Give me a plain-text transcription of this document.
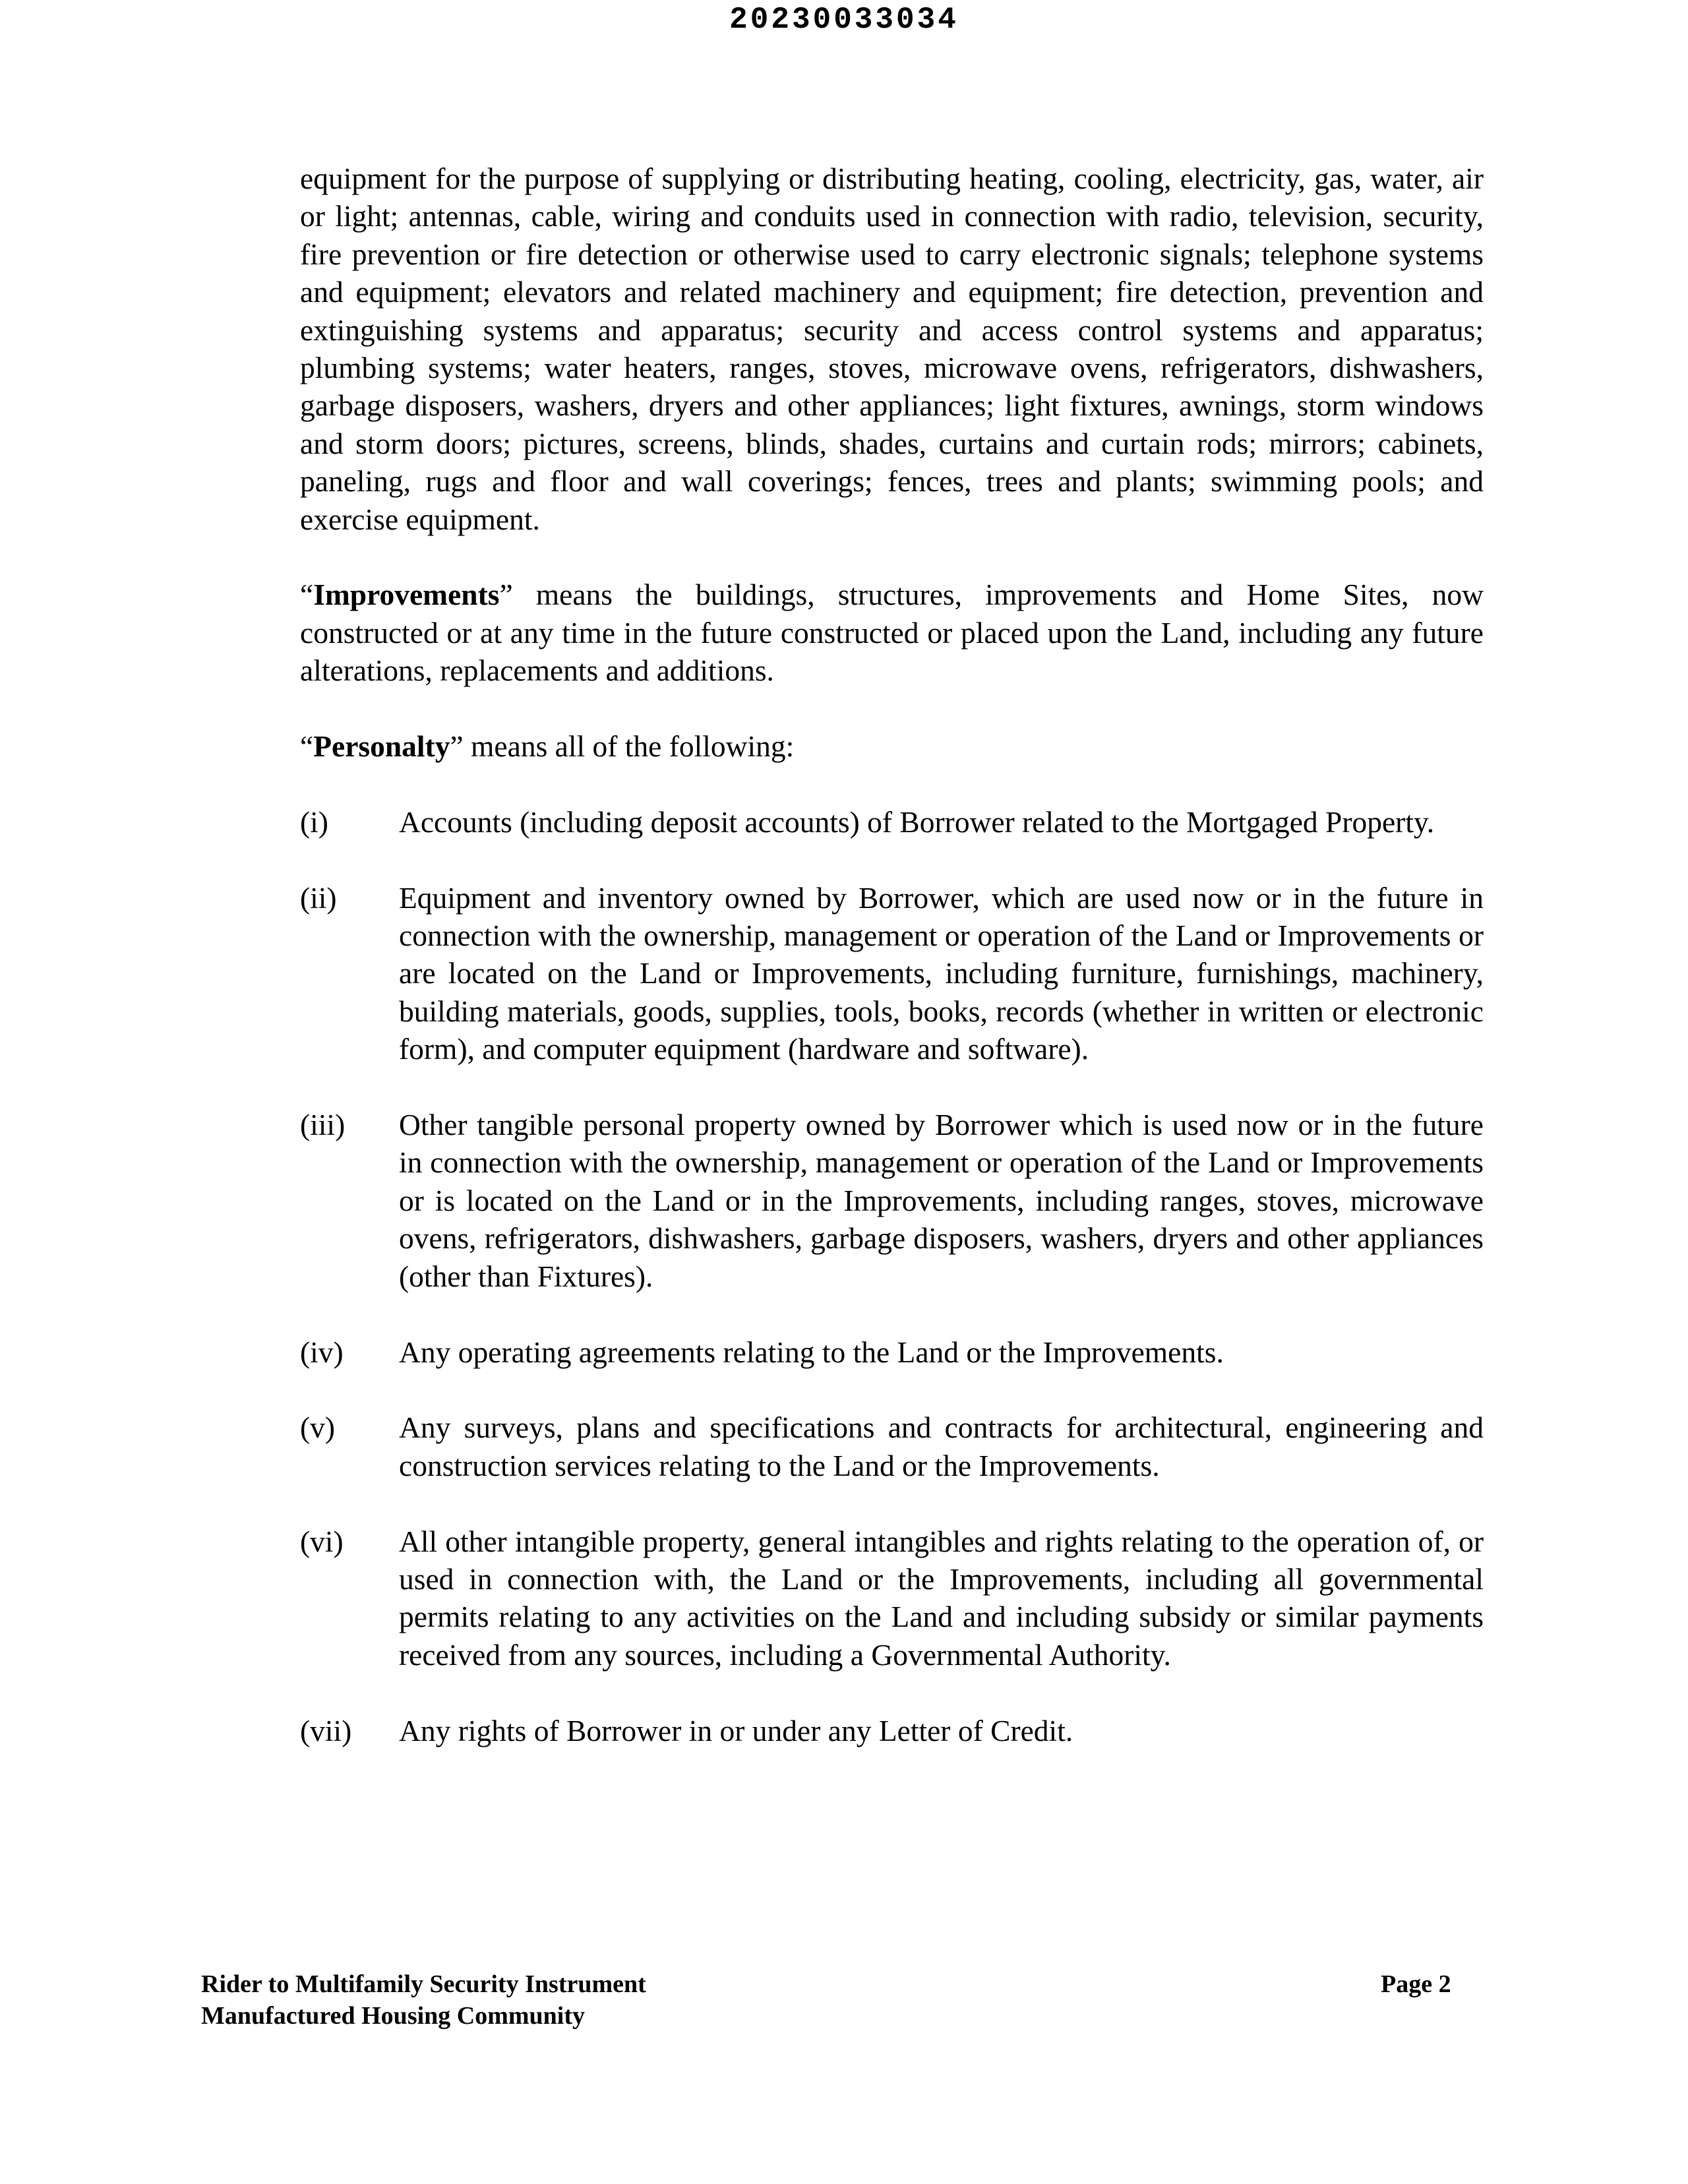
20230033034

equipment for the purpose of supplying or distributing heating, cooling, electricity, gas, water, air or light; antennas, cable, wiring and conduits used in connection with radio, television, security, fire prevention or fire detection or otherwise used to carry electronic signals; telephone systems and equipment; elevators and related machinery and equipment; fire detection, prevention and extinguishing systems and apparatus; security and access control systems and apparatus; plumbing systems; water heaters, ranges, stoves, microwave ovens, refrigerators, dishwashers, garbage disposers, washers, dryers and other appliances; light fixtures, awnings, storm windows and storm doors; pictures, screens, blinds, shades, curtains and curtain rods; mirrors; cabinets, paneling, rugs and floor and wall coverings; fences, trees and plants; swimming pools; and exercise equipment.

“Improvements” means the buildings, structures, improvements and Home Sites, now constructed or at any time in the future constructed or placed upon the Land, including any future alterations, replacements and additions.

“Personalty” means all of the following:

(i)	Accounts (including deposit accounts) of Borrower related to the Mortgaged Property.
(ii)	Equipment and inventory owned by Borrower, which are used now or in the future in connection with the ownership, management or operation of the Land or Improvements or are located on the Land or Improvements, including furniture, furnishings, machinery, building materials, goods, supplies, tools, books, records (whether in written or electronic form), and computer equipment (hardware and software).
(iii)	Other tangible personal property owned by Borrower which is used now or in the future in connection with the ownership, management or operation of the Land or Improvements or is located on the Land or in the Improvements, including ranges, stoves, microwave ovens, refrigerators, dishwashers, garbage disposers, washers, dryers and other appliances (other than Fixtures).
(iv)	Any operating agreements relating to the Land or the Improvements.
(v)	Any surveys, plans and specifications and contracts for architectural, engineering and construction services relating to the Land or the Improvements.
(vi)	All other intangible property, general intangibles and rights relating to the operation of, or used in connection with, the Land or the Improvements, including all governmental permits relating to any activities on the Land and including subsidy or similar payments received from any sources, including a Governmental Authority.
(vii)	Any rights of Borrower in or under any Letter of Credit.
Rider to Multifamily Security Instrument
Manufactured Housing Community
Page 2
